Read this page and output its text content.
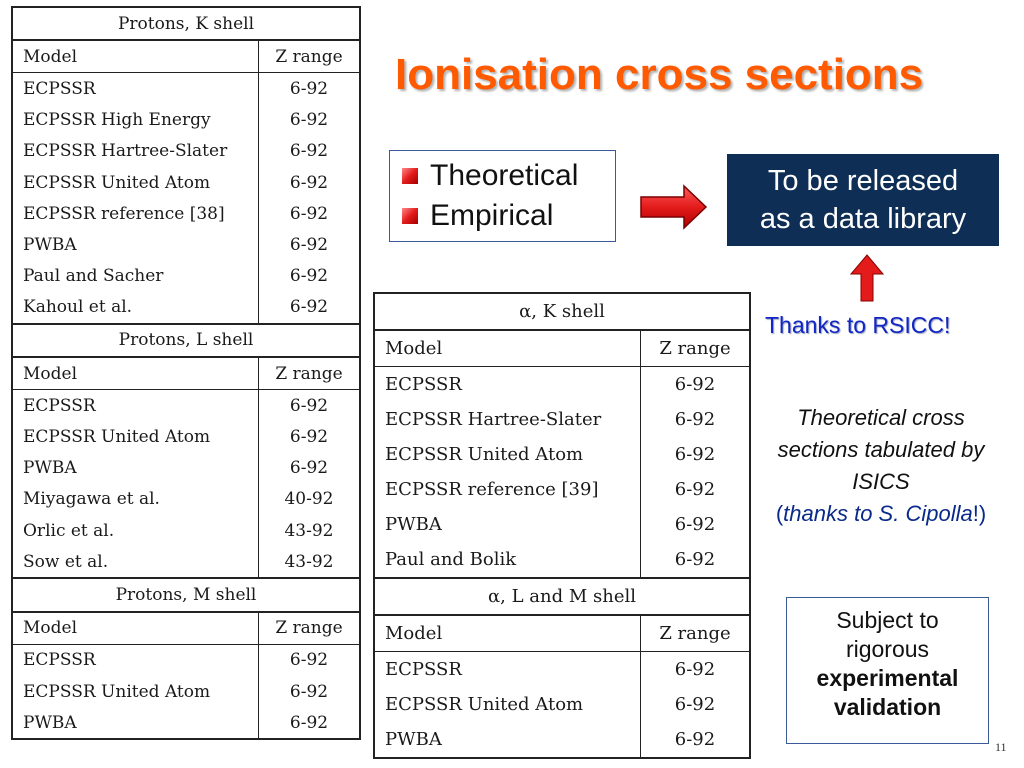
Protons, K shell	
Model	Z range
ECPSSR	6-92
ECPSSR High Energy	6-92
ECPSSR Hartree-Slater	6-92
ECPSSR United Atom	6-92
ECPSSR reference [38]	6-92
PWBA	6-92
Paul and Sacher	6-92
Kahoul et al.	6-92
Protons, L shell	
Model	Z range
ECPSSR	6-92
ECPSSR United Atom	6-92
PWBA	6-92
Miyagawa et al.	40-92
Orlic et al.	43-92
Sow et al.	43-92
Protons, M shell	
Model	Z range
ECPSSR	6-92
ECPSSR United Atom	6-92
PWBA	6-92
Ionisation cross sections
Theoretical
Empirical
To be released
as a data library
Thanks to RSICC!
α, K shell	
Model	Z range
ECPSSR	6-92
ECPSSR Hartree-Slater	6-92
ECPSSR United Atom	6-92
ECPSSR reference [39]	6-92
PWBA	6-92
Paul and Bolik	6-92
α, L and M shell	
Model	Z range
ECPSSR	6-92
ECPSSR United Atom	6-92
PWBA	6-92
Theoretical cross
sections tabulated by
ISICS
(thanks to S. Cipolla!)
Subject to
rigorous
experimental
validation
11
